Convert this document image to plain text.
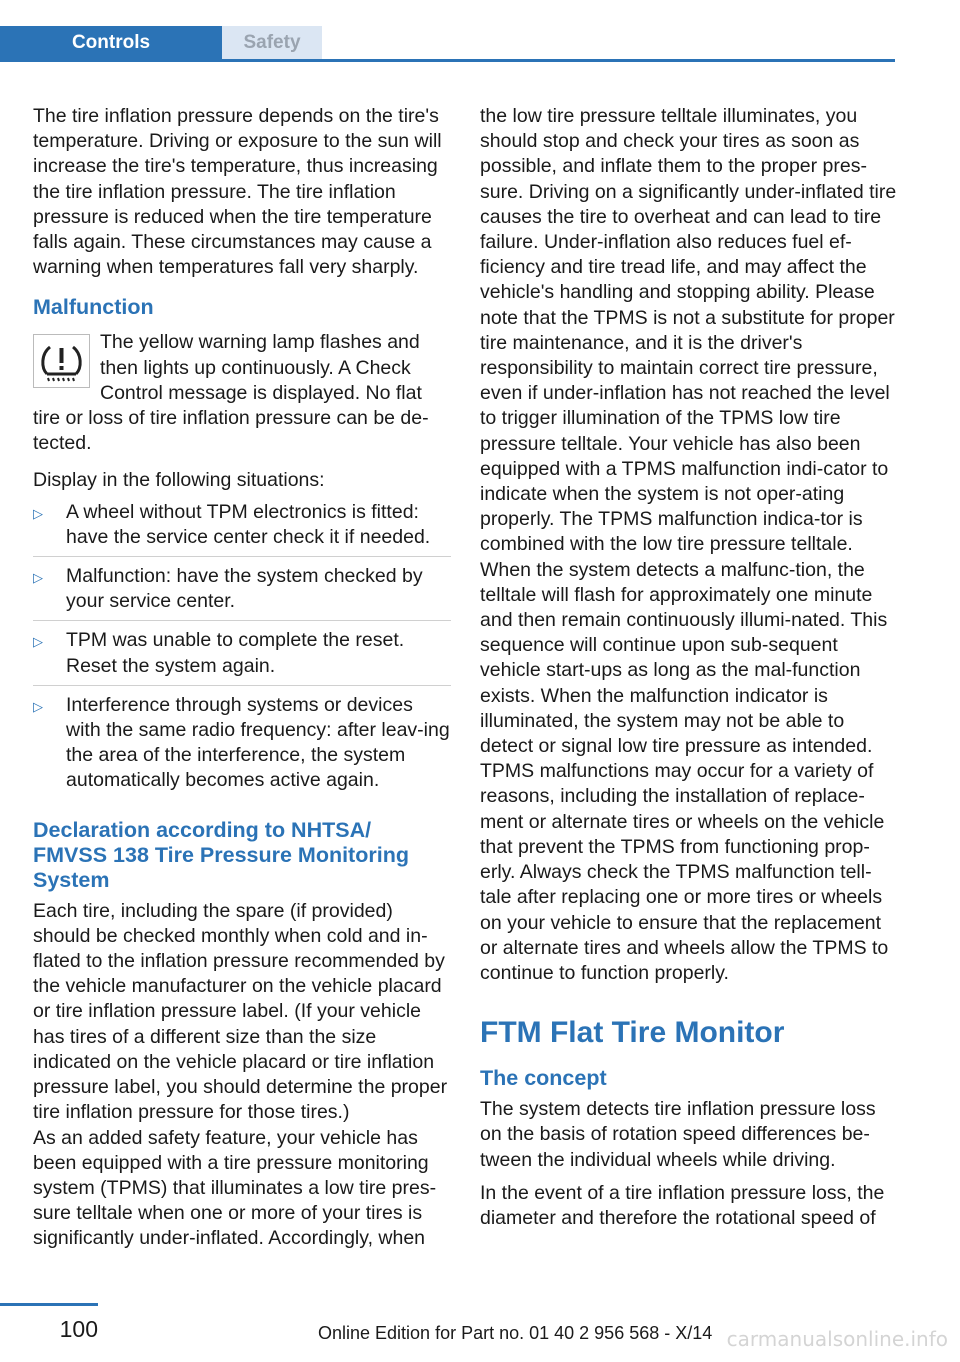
Controls	Safety

The tire inflation pressure depends on the tire's temperature. Driving or exposure to the sun will increase the tire's temperature, thus increasing the tire inflation pressure. The tire inflation pressure is reduced when the tire temperature falls again. These circumstances may cause a warning when temperatures fall very sharply.

Malfunction
The yellow warning lamp flashes and then lights up continuously. A Check Control message is displayed. No flat tire or loss of tire inflation pressure can be de‐tected.

Display in the following situations:

▷ A wheel without TPM electronics is fitted: have the service center check it if needed.
▷ Malfunction: have the system checked by your service center.
▷ TPM was unable to complete the reset. Reset the system again.
▷ Interference through systems or devices with the same radio frequency: after leav‐ing the area of the interference, the system automatically becomes active again.
Declaration according to NHTSA/ FMVSS 138 Tire Pressure Monitoring System

Each tire, including the spare (if provided) should be checked monthly when cold and in‐flated to the inflation pressure recommended by the vehicle manufacturer on the vehicle placard or tire inflation pressure label. (If your vehicle has tires of a different size than the size indicated on the vehicle placard or tire inflation pressure label, you should determine the proper tire inflation pressure for those tires.)

As an added safety feature, your vehicle has been equipped with a tire pressure monitoring system (TPMS) that illuminates a low tire pres‐sure telltale when one or more of your tires is significantly under-inflated. Accordingly, when

the low tire pressure telltale illuminates, you should stop and check your tires as soon as possible, and inflate them to the proper pres‐sure. Driving on a significantly under-inflated tire causes the tire to overheat and can lead to tire failure. Under-inflation also reduces fuel ef‐ficiency and tire tread life, and may affect the vehicle's handling and stopping ability. Please note that the TPMS is not a substitute for proper tire maintenance, and it is the driver's responsibility to maintain correct tire pressure, even if under-inflation has not reached the level to trigger illumination of the TPMS low tire pressure telltale. Your vehicle has also been equipped with a TPMS malfunction indi‐cator to indicate when the system is not oper‐ating properly. The TPMS malfunction indica‐tor is combined with the low tire pressure telltale. When the system detects a malfunc‐tion, the telltale will flash for approximately one minute and then remain continuously illumi‐nated. This sequence will continue upon sub‐sequent vehicle start-ups as long as the mal‐function exists. When the malfunction indicator is illuminated, the system may not be able to detect or signal low tire pressure as intended. TPMS malfunctions may occur for a variety of reasons, including the installation of replace‐ment or alternate tires or wheels on the vehicle that prevent the TPMS from functioning prop‐erly. Always check the TPMS malfunction tell‐tale after replacing one or more tires or wheels on your vehicle to ensure that the replacement or alternate tires and wheels allow the TPMS to continue to function properly.

FTM Flat Tire Monitor
The concept

The system detects tire inflation pressure loss on the basis of rotation speed differences be‐tween the individual wheels while driving.

In the event of a tire inflation pressure loss, the diameter and therefore the rotational speed of

100	Online Edition for Part no. 01 40 2 956 568 - X/14 carmanualsonline.info
